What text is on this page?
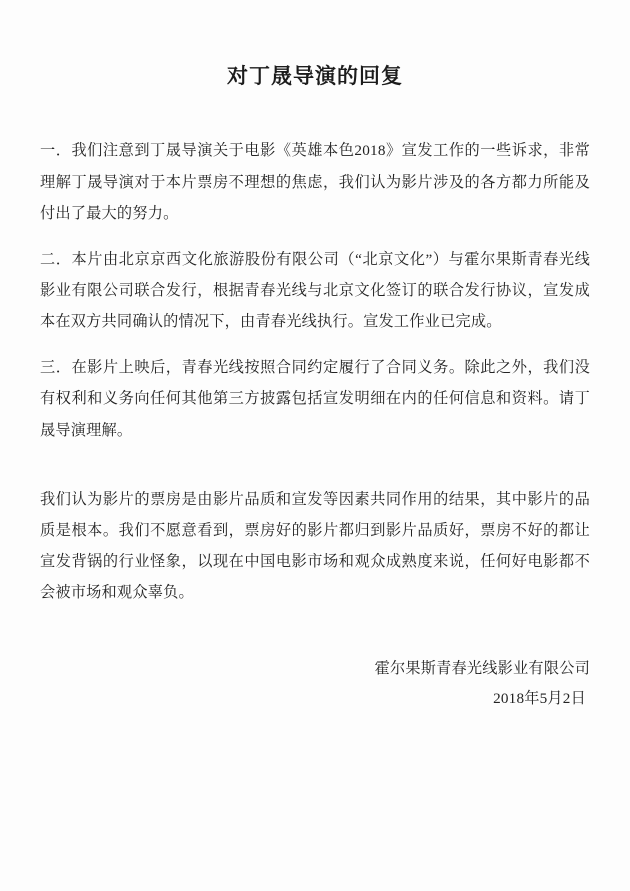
对丁晟导演的回复

一．我们注意到丁晟导演关于电影《英雄本色2018》宣发工作的一些诉求，非常理解丁晟导演对于本片票房不理想的焦虑，我们认为影片涉及的各方都力所能及付出了最大的努力。

二．本片由北京京西文化旅游股份有限公司（“北京文化”）与霍尔果斯青春光线影业有限公司联合发行，根据青春光线与北京文化签订的联合发行协议，宣发成本在双方共同确认的情况下，由青春光线执行。宣发工作业已完成。

三．在影片上映后，青春光线按照合同约定履行了合同义务。除此之外，我们没有权利和义务向任何其他第三方披露包括宣发明细在内的任何信息和资料。请丁晟导演理解。

我们认为影片的票房是由影片品质和宣发等因素共同作用的结果，其中影片的品质是根本。我们不愿意看到，票房好的影片都归到影片品质好，票房不好的都让宣发背锅的行业怪象，以现在中国电影市场和观众成熟度来说，任何好电影都不会被市场和观众辜负。

霍尔果斯青春光线影业有限公司
2018年5月2日
